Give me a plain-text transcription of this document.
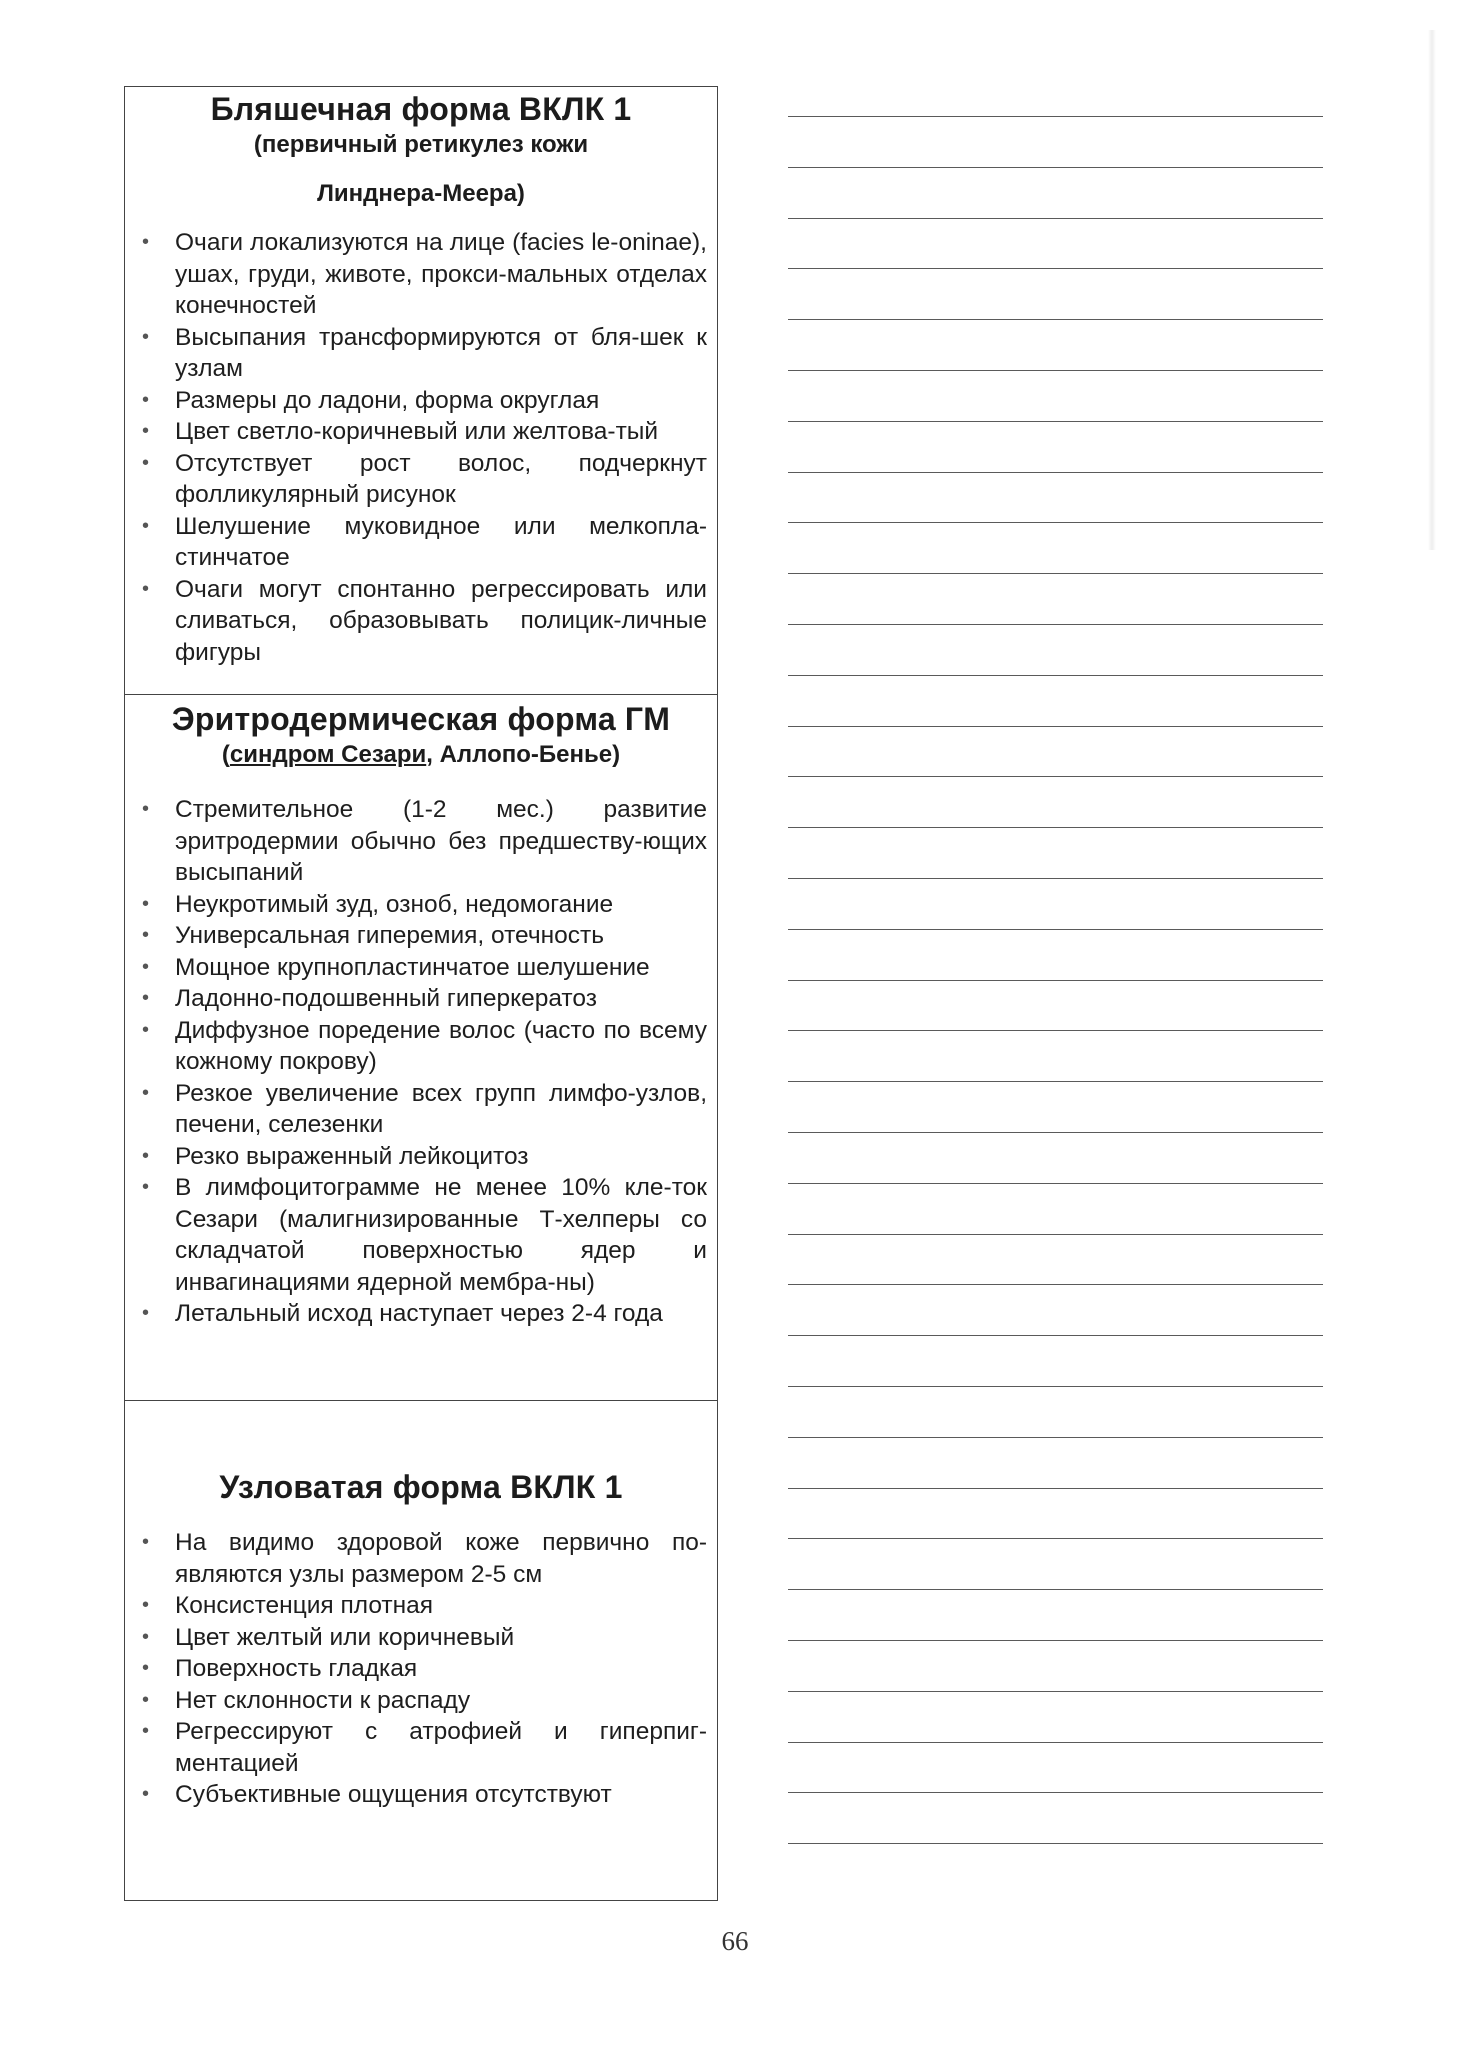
Бляшечная форма ВКЛК 1

(первичный ретикулез кожи

Линднера-Меера)

• Очаги локализуются на лице (facies le-oninae), ушах, груди, животе, прокси-мальных отделах конечностей
• Высыпания трансформируются от бля-шек к узлам
• Размеры до ладони, форма округлая
• Цвет светло-коричневый или желтова-тый
• Отсутствует рост волос, подчеркнут фолликулярный рисунок
• Шелушение муковидное или мелкопла-стинчатое
• Очаги могут спонтанно регрессировать или сливаться, образовывать полицик-личные фигуры

Эритродермическая форма ГМ

(синдром Сезари, Аллопо-Бенье)

• Стремительное (1-2 мес.) развитие эритродермии обычно без предшеству-ющих высыпаний
• Неукротимый зуд, озноб, недомогание
• Универсальная гиперемия, отечность
• Мощное крупнопластинчатое шелушение
• Ладонно-подошвенный гиперкератоз
• Диффузное поредение волос (часто по всему кожному покрову)
• Резкое увеличение всех групп лимфо-узлов, печени, селезенки
• Резко выраженный лейкоцитоз
• В лимфоцитограмме не менее 10% кле-ток Сезари (малигнизированные Т-хелперы со складчатой поверхностью ядер и инвагинациями ядерной мембра-ны)
• Летальный исход наступает через 2-4 года

Узловатая форма ВКЛК 1

• На видимо здоровой коже первично по-являются узлы размером 2-5 см
• Консистенция плотная
• Цвет желтый или коричневый
• Поверхность гладкая
• Нет склонности к распаду
• Регрессируют с атрофией и гиперпиг-ментацией
• Субъективные ощущения отсутствуют
66
